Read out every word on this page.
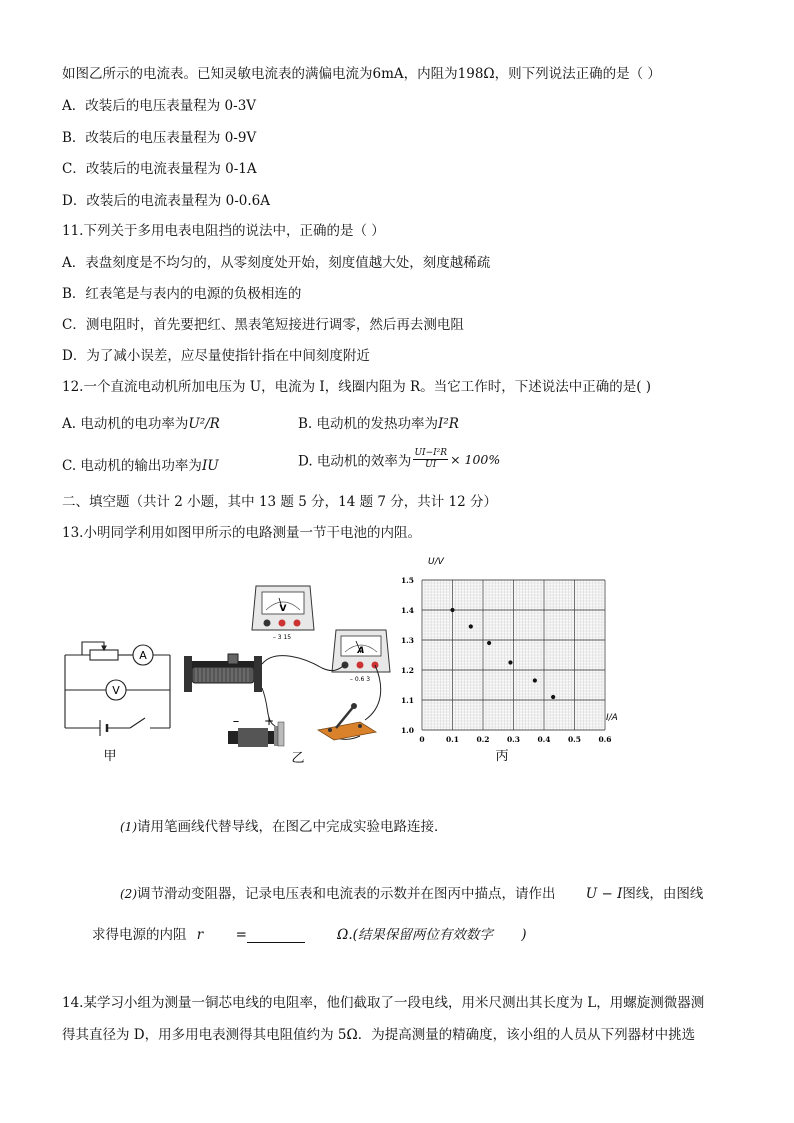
如图乙所示的电流表。已知灵敏电流表的满偏电流为6mA，内阻为198Ω，则下列说法正确的是（ ）
A．改装后的电压表量程为 0-3V
B．改装后的电压表量程为 0-9V
C．改装后的电流表量程为 0-1A
D．改装后的电流表量程为 0-0.6A
11.下列关于多用电表电阻挡的说法中，正确的是（ ）
A．表盘刻度是不均匀的，从零刻度处开始，刻度值越大处，刻度越稀疏
B．红表笔是与表内的电源的负极相连的
C．测电阻时，首先要把红、黑表笔短接进行调零，然后再去测电阻
D．为了减小误差，应尽量使指针指在中间刻度附近
12.一个直流电动机所加电压为 U，电流为 I，线圈内阻为 R。当它工作时，下述说法中正确的是( )
A. 电动机的电功率为U²/R	B. 电动机的发热功率为I²R
C. 电动机的输出功率为IU	D. 电动机的效率为 $\frac{\text{UI−I²R}}{UI} \times 100\%$
二、填空题（共计 2 小题，其中 13 题 5 分，14 题 7 分，共计 12 分）
13.小明同学利用如图甲所示的电路测量一节干电池的内阻。
A
V
甲
V
– 3 15
A
– 0.6 3
– +
乙
0	0.1 0.2 0.3 0.4 0.5 0.6
1.0
1.1
1.2
1.3
1.4
1.5
U/V
I/A
丙
(1)请用笔画线代替导线，在图乙中完成实验电路连接．
(2)调节滑动变阻器，记录电压表和电流表的示数并在图丙中描点，请作出 U − I图线，由图线
求得电源的内阻 r =	Ω.(结果保留两位有效数字 )
14.某学习小组为测量一铜芯电线的电阻率，他们截取了一段电线，用米尺测出其长度为 L，用螺旋测微器测
得其直径为 D，用多用电表测得其电阻值约为 5Ω．为提高测量的精确度，该小组的人员从下列器材中挑选
